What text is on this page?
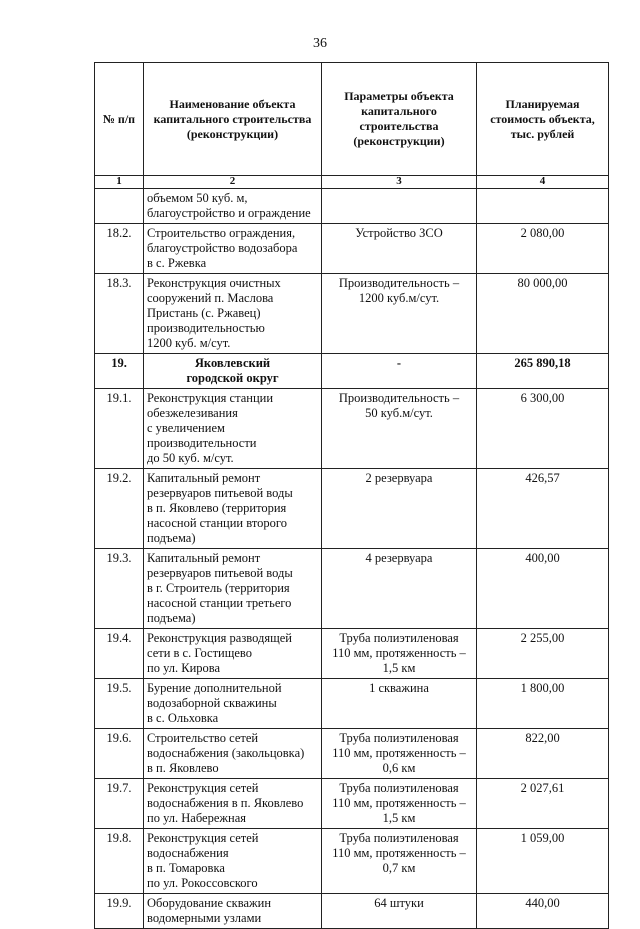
36
№ п/п	Наименование объекта капитального строительства (реконструкции)	Параметры объекта капитального строительства (реконструкции)	Планируемая стоимость объекта, тыс. рублей
1	2	3	4
	объемом 50 куб. м,
благоустройство и ограждение		
18.2.	Строительство ограждения,
благоустройство водозабора
в с. Ржевка	Устройство ЗСО	2 080,00
18.3.	Реконструкция очистных
сооружений п. Маслова
Пристань (с. Ржавец)
производительностью
1200 куб. м/сут.	Производительность –
1200 куб.м/сут.	80 000,00
19.	Яковлевский
городской округ	-	265 890,18
19.1.	Реконструкция станции
обезжелезивания
с увеличением
производительности
до 50 куб. м/сут.	Производительность –
50 куб.м/сут.	6 300,00
19.2.	Капитальный ремонт
резервуаров питьевой воды
в п. Яковлево (территория
насосной станции второго
подъема)	2 резервуара	426,57
19.3.	Капитальный ремонт
резервуаров питьевой воды
в г. Строитель (территория
насосной станции третьего
подъема)	4 резервуара	400,00
19.4.	Реконструкция разводящей
сети в с. Гостищево
по ул. Кирова	Труба полиэтиленовая
110 мм, протяженность –
1,5 км	2 255,00
19.5.	Бурение дополнительной
водозаборной скважины
в с. Ольховка	1 скважина	1 800,00
19.6.	Строительство сетей
водоснабжения (закольцовка)
в п. Яковлево	Труба полиэтиленовая
110 мм, протяженность –
0,6 км	822,00
19.7.	Реконструкция сетей
водоснабжения в п. Яковлево
по ул. Набережная	Труба полиэтиленовая
110 мм, протяженность –
1,5 км	2 027,61
19.8.	Реконструкция сетей
водоснабжения
в п. Томаровка
по ул. Рокоссовского	Труба полиэтиленовая
110 мм, протяженность –
0,7 км	1 059,00
19.9.	Оборудование скважин
водомерными узлами	64 штуки	440,00
